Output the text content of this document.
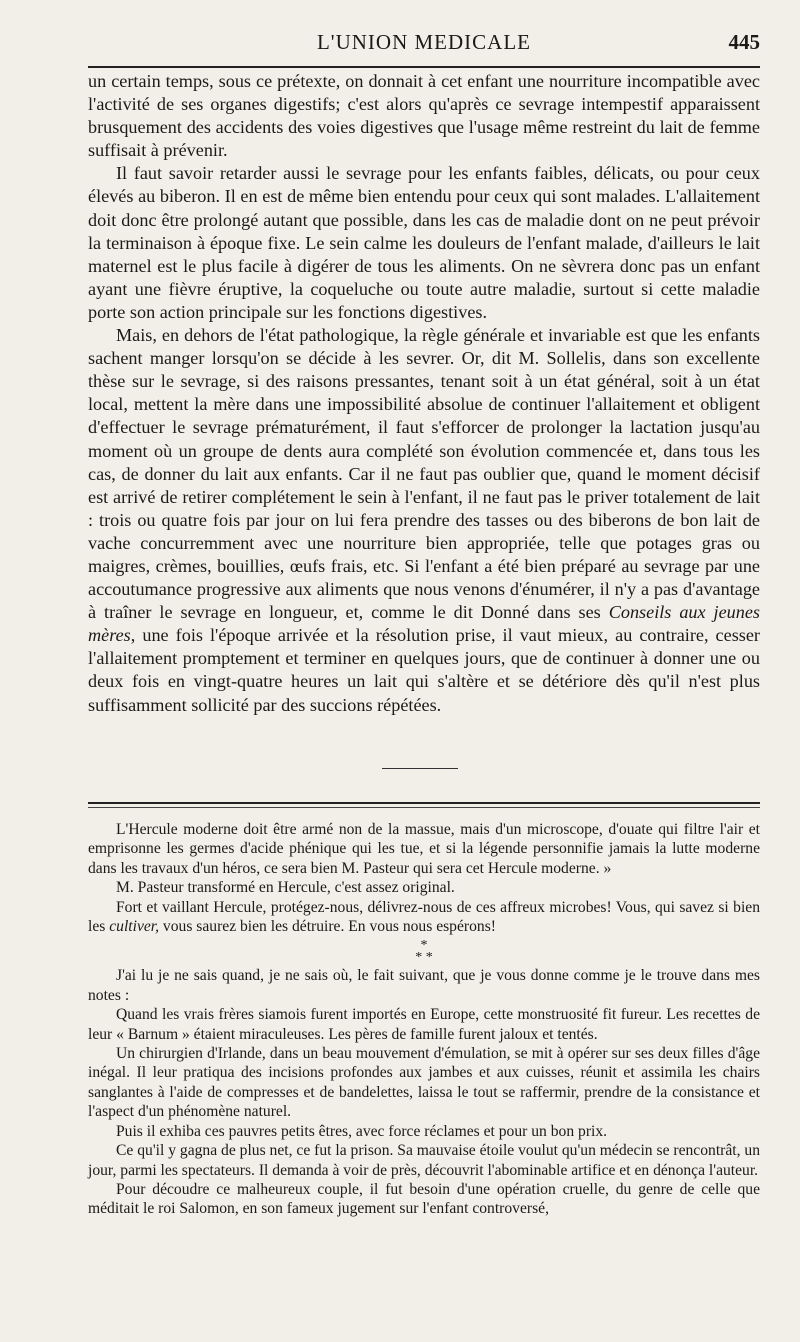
L'UNION MEDICALE	445

un certain temps, sous ce prétexte, on donnait à cet enfant une nourriture incompatible avec l'activité de ses organes digestifs; c'est alors qu'après ce sevrage intempestif apparaissent brusquement des accidents des voies digestives que l'usage même restreint du lait de femme suffisait à prévenir.

Il faut savoir retarder aussi le sevrage pour les enfants faibles, délicats, ou pour ceux élevés au biberon. Il en est de même bien entendu pour ceux qui sont malades. L'allaitement doit donc être prolongé autant que possible, dans les cas de maladie dont on ne peut prévoir la terminaison à époque fixe. Le sein calme les douleurs de l'enfant malade, d'ailleurs le lait maternel est le plus facile à digérer de tous les aliments. On ne sèvrera donc pas un enfant ayant une fièvre éruptive, la coqueluche ou toute autre maladie, surtout si cette maladie porte son action principale sur les fonctions digestives.

Mais, en dehors de l'état pathologique, la règle générale et invariable est que les enfants sachent manger lorsqu'on se décide à les sevrer. Or, dit M. Sollelis, dans son excellente thèse sur le sevrage, si des raisons pressantes, tenant soit à un état général, soit à un état local, mettent la mère dans une impossibilité absolue de continuer l'allaitement et obligent d'effectuer le sevrage prématurément, il faut s'efforcer de prolonger la lactation jusqu'au moment où un groupe de dents aura complété son évolution commencée et, dans tous les cas, de donner du lait aux enfants. Car il ne faut pas oublier que, quand le moment décisif est arrivé de retirer complétement le sein à l'enfant, il ne faut pas le priver totalement de lait : trois ou quatre fois par jour on lui fera prendre des tasses ou des biberons de bon lait de vache concurremment avec une nourriture bien appropriée, telle que potages gras ou maigres, crèmes, bouillies, œufs frais, etc. Si l'enfant a été bien préparé au sevrage par une accoutumance progressive aux aliments que nous venons d'énumérer, il n'y a pas d'avantage à traîner le sevrage en longueur, et, comme le dit Donné dans ses Conseils aux jeunes mères, une fois l'époque arrivée et la résolution prise, il vaut mieux, au contraire, cesser l'allaitement promptement et terminer en quelques jours, que de continuer à donner une ou deux fois en vingt-quatre heures un lait qui s'altère et se détériore dès qu'il n'est plus suffisamment sollicité par des succions répétées.

L'Hercule moderne doit être armé non de la massue, mais d'un microscope, d'ouate qui filtre l'air et emprisonne les germes d'acide phénique qui les tue, et si la légende personnifie jamais la lutte moderne dans les travaux d'un héros, ce sera bien M. Pasteur qui sera cet Hercule moderne. »

M. Pasteur transformé en Hercule, c'est assez original.

Fort et vaillant Hercule, protégez-nous, délivrez-nous de ces affreux microbes! Vous, qui savez si bien les cultiver, vous saurez bien les détruire. En vous nous espérons!

*
* *

J'ai lu je ne sais quand, je ne sais où, le fait suivant, que je vous donne comme je le trouve dans mes notes :

Quand les vrais frères siamois furent importés en Europe, cette monstruosité fit fureur. Les recettes de leur « Barnum » étaient miraculeuses. Les pères de famille furent jaloux et tentés.

Un chirurgien d'Irlande, dans un beau mouvement d'émulation, se mit à opérer sur ses deux filles d'âge inégal. Il leur pratiqua des incisions profondes aux jambes et aux cuisses, réunit et assimila les chairs sanglantes à l'aide de compresses et de bandelettes, laissa le tout se raffermir, prendre de la consistance et l'aspect d'un phénomène naturel.

Puis il exhiba ces pauvres petits êtres, avec force réclames et pour un bon prix.

Ce qu'il y gagna de plus net, ce fut la prison. Sa mauvaise étoile voulut qu'un médecin se rencontrât, un jour, parmi les spectateurs. Il demanda à voir de près, découvrit l'abominable artifice et en dénonça l'auteur.

Pour découdre ce malheureux couple, il fut besoin d'une opération cruelle, du genre de celle que méditait le roi Salomon, en son fameux jugement sur l'enfant controversé,
